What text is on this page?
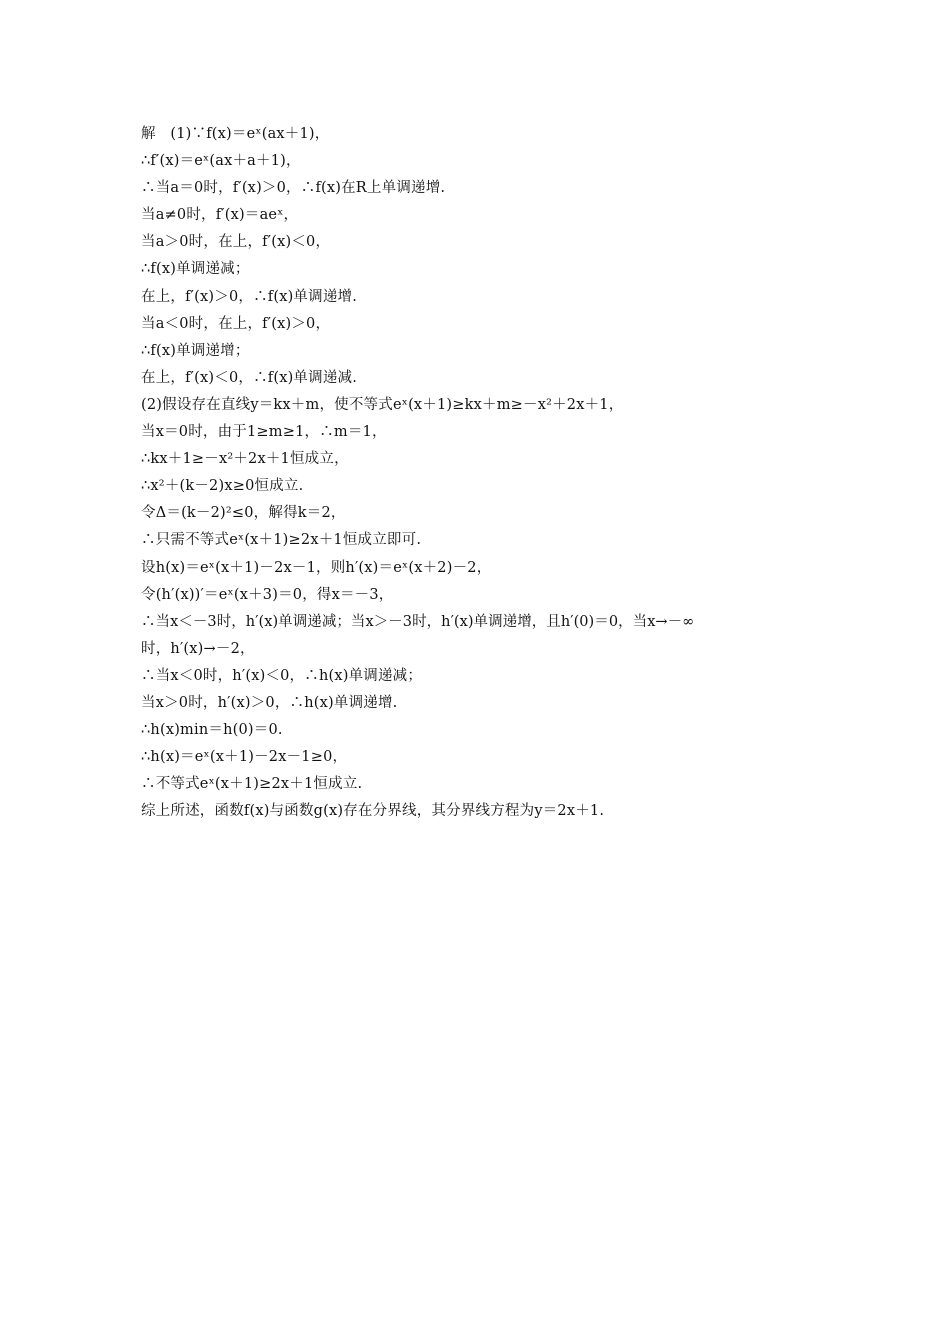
解　(1)∵f(x)＝eˣ(ax＋1)，
∴f′(x)＝eˣ(ax＋a＋1)，
∴当a＝0时，f′(x)＞0，∴f(x)在R上单调递增.
当a≠0时，f′(x)＝aeˣ，
当a＞0时，在上，f′(x)＜0，
∴f(x)单调递减；
在上，f′(x)＞0，∴f(x)单调递增.
当a＜0时，在上，f′(x)＞0，
∴f(x)单调递增；
在上，f′(x)＜0，∴f(x)单调递减.
(2)假设存在直线y＝kx＋m，使不等式eˣ(x＋1)≥kx＋m≥－x²＋2x＋1，
当x＝0时，由于1≥m≥1，∴m＝1，
∴kx＋1≥－x²＋2x＋1恒成立，
∴x²＋(k－2)x≥0恒成立.
令Δ＝(k－2)²≤0，解得k＝2，
∴只需不等式eˣ(x＋1)≥2x＋1恒成立即可.
设h(x)＝eˣ(x＋1)－2x－1，则h′(x)＝eˣ(x＋2)－2，
令(h′(x))′＝eˣ(x＋3)＝0，得x＝－3，
∴当x＜－3时，h′(x)单调递减；当x＞－3时，h′(x)单调递增，且h′(0)＝0，当x→－∞
时，h′(x)→－2，
∴当x＜0时，h′(x)＜0，∴h(x)单调递减；
当x＞0时，h′(x)＞0，∴h(x)单调递增.
∴h(x)min＝h(0)＝0.
∴h(x)＝eˣ(x＋1)－2x－1≥0，
∴不等式eˣ(x＋1)≥2x＋1恒成立.
综上所述，函数f(x)与函数g(x)存在分界线，其分界线方程为y＝2x＋1.
